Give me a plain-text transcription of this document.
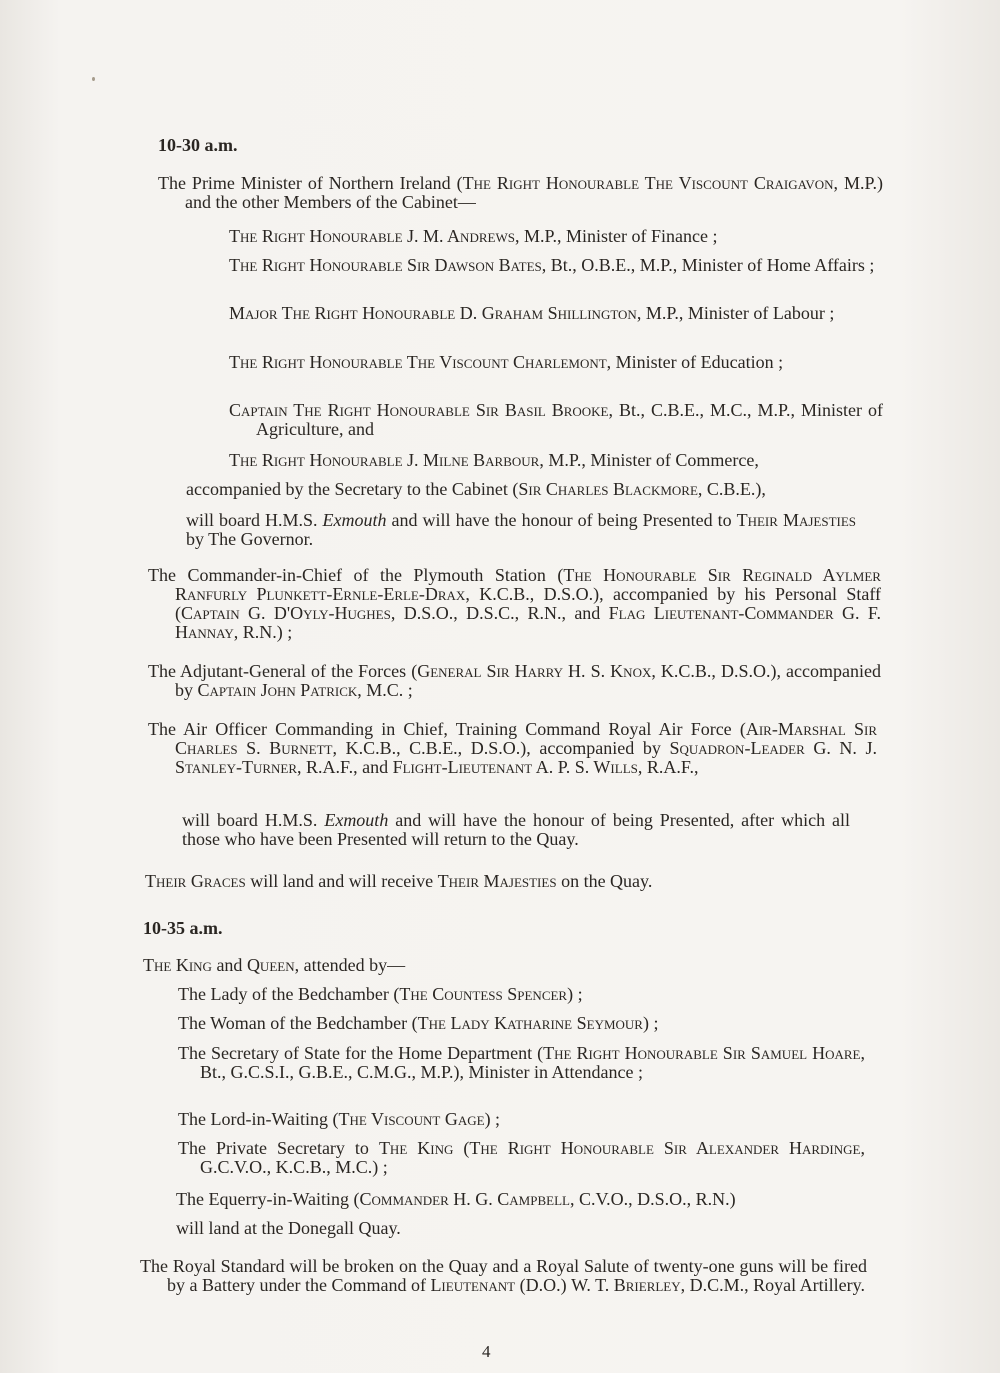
10-30 a.m.
The Prime Minister of Northern Ireland (The Right Honourable The Viscount Craigavon, M.P.) and the other Members of the Cabinet—
The Right Honourable J. M. Andrews, M.P., Minister of Finance ;
The Right Honourable Sir Dawson Bates, Bt., O.B.E., M.P., Minister of Home Affairs ;
Major The Right Honourable D. Graham Shillington, M.P., Minister of Labour ;
The Right Honourable The Viscount Charlemont, Minister of Education ;
Captain The Right Honourable Sir Basil Brooke, Bt., C.B.E., M.C., M.P., Minister of Agriculture, and
The Right Honourable J. Milne Barbour, M.P., Minister of Commerce,
accompanied by the Secretary to the Cabinet (Sir Charles Blackmore, C.B.E.),
will board H.M.S. Exmouth and will have the honour of being Presented to Their Majesties by The Governor.
The Commander-in-Chief of the Plymouth Station (The Honourable Sir Reginald Aylmer Ranfurly Plunkett-Ernle-Erle-Drax, K.C.B., D.S.O.), accompanied by his Personal Staff (Captain G. D'Oyly-Hughes, D.S.O., D.S.C., R.N., and Flag Lieutenant-Commander G. F. Hannay, R.N.) ;
The Adjutant-General of the Forces (General Sir Harry H. S. Knox, K.C.B., D.S.O.), accompanied by Captain John Patrick, M.C. ;
The Air Officer Commanding in Chief, Training Command Royal Air Force (Air-Marshal Sir Charles S. Burnett, K.C.B., C.B.E., D.S.O.), accompanied by Squadron-Leader G. N. J. Stanley-Turner, R.A.F., and Flight-Lieutenant A. P. S. Wills, R.A.F.,
will board H.M.S. Exmouth and will have the honour of being Presented, after which all those who have been Presented will return to the Quay.
Their Graces will land and will receive Their Majesties on the Quay.
10-35 a.m.
The King and Queen, attended by—
The Lady of the Bedchamber (The Countess Spencer) ;
The Woman of the Bedchamber (The Lady Katharine Seymour) ;
The Secretary of State for the Home Department (The Right Honourable Sir Samuel Hoare, Bt., G.C.S.I., G.B.E., C.M.G., M.P.), Minister in Attendance ;
The Lord-in-Waiting (The Viscount Gage) ;
The Private Secretary to The King (The Right Honourable Sir Alexander Hardinge, G.C.V.O., K.C.B., M.C.) ;
The Equerry-in-Waiting (Commander H. G. Campbell, C.V.O., D.S.O., R.N.)
will land at the Donegall Quay.
The Royal Standard will be broken on the Quay and a Royal Salute of twenty-one guns will be fired by a Battery under the Command of Lieutenant (D.O.) W. T. Brierley, D.C.M., Royal Artillery.
4
